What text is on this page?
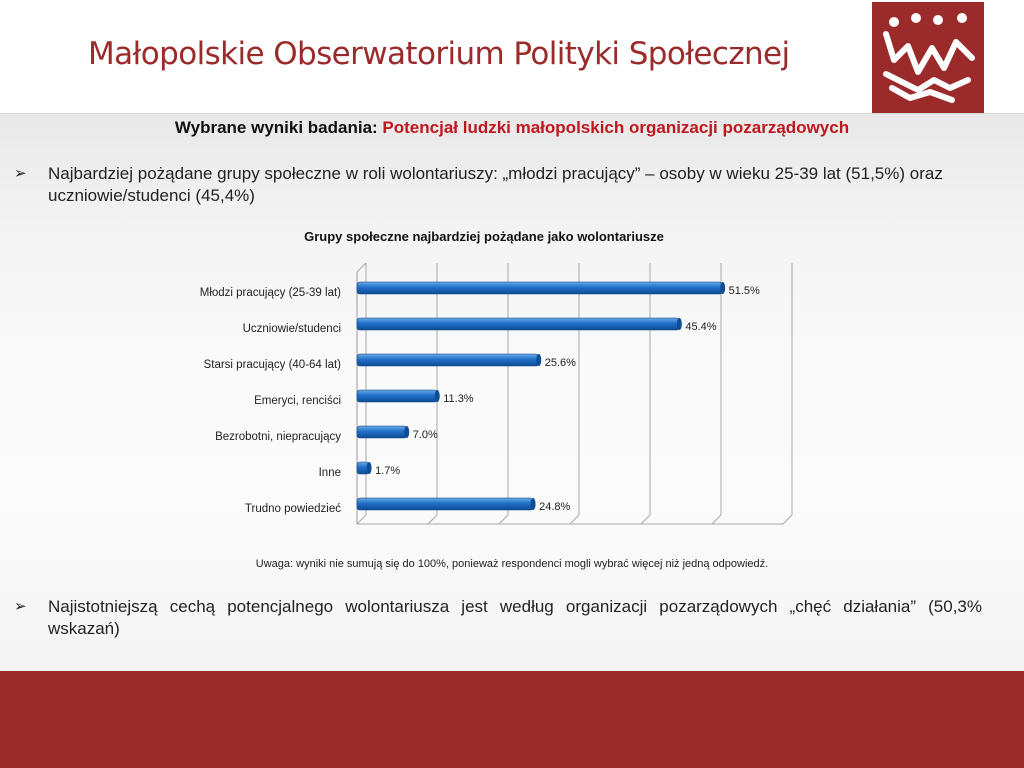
Małopolskie Obserwatorium Polityki Społecznej
Wybrane wyniki badania: Potencjał ludzki małopolskich organizacji pozarządowych
➢ Najbardziej pożądane grupy społeczne w roli wolontariuszy: „młodzi pracujący” – osoby w wieku 25-39 lat (51,5%) oraz uczniowie/studenci (45,4%)
Grupy społeczne najbardziej pożądane jako wolontariusze
Młodzi pracujący (25-39 lat)	51.5%
Uczniowie/studenci	45.4%
Starsi pracujący (40-64 lat)	25.6%
Emeryci, renciści	11.3%
Bezrobotni, niepracujący	7.0%
Inne	1.7%
Trudno powiedzieć	24.8%
Uwaga: wyniki nie sumują się do 100%, ponieważ respondenci mogli wybrać więcej niż jedną odpowiedź.
➢ Najistotniejszą cechą potencjalnego wolontariusza jest według organizacji pozarządowych „chęć działania” (50,3% wskazań)
